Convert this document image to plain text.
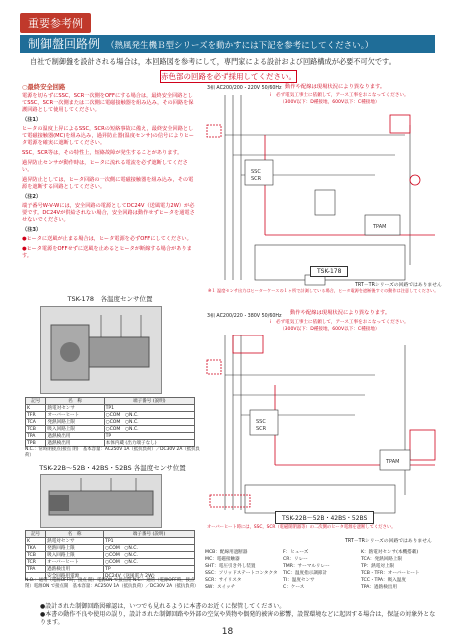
重要参考例
制御盤回路例 （熱風発生機Ｂ型シリーズを動かすには下記を参考にしてください。）
自社で制御盤を設計される場合は，本回路図を参考にして，専門家による設計および回路構成が必要不可欠です。
赤色部の回路を必ず採用してください。
○最終安全回路

電源を切らずにSSC，SCR一次側をOFFにする場合は，最終安全回路としてSSC，SCR一次側または二次側に電磁接触器を組み込み，その回路を保護回路として使用してください。

（注1）

ヒータの温度上昇によるSSC，SCRの短絡事故に備え，最終安全回路として電磁接触器(MC)を組み込み，過昇防止器(温度センサ)の信号によりヒータ電源を確実に遮断してください。

SSC，SCR等は，その特性上，短絡故障が発生することがあります。

過昇防止センサが動作時は，ヒータに流れる電流を必ず遮断してください。

過昇防止としては，ヒータ回路の一次側に電磁接触器を組み込み，その電源を遮断する回路としてください。

（注2）

端子番号W-V-Wには，安全回路の電源としてDC24V（送風電力2W）が必要です。DC24Vが供給されない場合，安全回路は動作せずヒータを通電させないでください。

（注3）

●ヒータに送風が止まる場合は，ヒータ電源を必ずOFFにしてください。

●ヒータ電源をOFFせずに送風を止めるとヒータが断線する場合があります。

TSK-178　各温度センサ位置
記号	名　称	端子番号 (説明)
K	熱電対センサ	TP1
TFR	オーバーヒート	○COM　○N.C.
TCA	発熱回路上限	○COM　○N.C.
TCB	吸入回路上限	○COM　○N.C.
TPA	過熱検出用	TP
TPB	過熱検出用	本体内蔵 (出力端子なし)
N.C.：常時閉接点(接点 閉)　基本容量：AC250V 1A（抵抗負荷）／DC30V 2A（抵抗負荷）
TSK-22B〜52B・42BS・52BS 各温度センサ位置
記号	名　称	端子番号 (説明)
K	熱電対センサ	TP1
TKA	発熱回路上限	○COM　○N.C.
TCB	吸入回路上限	○COM　○N.C.
TCR	オーバーヒート	○COM　○N.C.
TPA	過熱検出用	TP
	安全回路用電源	DC24V（送風電力 2W）
N.O.：通常（電源OFF時，接点 開）電源ON で接点閉 N.C.：通常（電源OFF時，接点 閉）電源ON で接点開　基本容量：AC250V 1A（抵抗負荷）／DC30V 2A（抵抗負荷）
3相 AC200/200・220V 50/60Hz 動作や配線は現場状況により異なります。
ⅰ　必ず電気工事士に依頼して，アース工事をおこなってください。
（300V以下：D種接地，600V以下：C種接地）
SSC
SCR
TPAM
TSK-178
TRT－TRシリーズの回路ではありません
※１ 温度センサ出力はヒーターケースの１ヶ所で計測している場合，ヒータ電源を遮断後すぐの動作は注意してください。
3相 AC200/220・380V 50/60Hz
動作や配線は現場状況により異なります。
ⅰ　必ず電気工事士に依頼して，アース工事をおこなってください。
（300V以下：D種接地，600V以下：C種接地）
SSC
SCR
TPAM
オーバーヒート時には，SSC，SCR（電磁開閉器等）の二次側のヒータ電源を遮断してください。
TSK-22B〜52B・42BS・52BS
TRT－TRシリーズの回路ではありません
MCB：配線用遮断器	F：ヒューズ	K：熱電対センサ(本機搭載) MC：電磁接触器	CR：リレー	TCA：発熱回路上限 SHT：電圧引き外し装置	TMR：サーマルリレー	TP：熱電対上限 SSC：ソリッドステートコンタクタ TIC：温度指示調節計	TCB・TFR：オーバーヒート SCR：サイリスタ	TI：温度センサ	TCC・TPA：吸入温度 SW：スイッチ	C：ケース	TPA：過熱検出用
●設計された制御回路図確認は，いつでも見れるように本書のお近くに保管してください。
●本書の動作不良や使用の誤り，設計された制御回路や外部の空気や異物や偶発的被害の影響，設置環境などに起因する場合は，保証の対象外となります。
18
